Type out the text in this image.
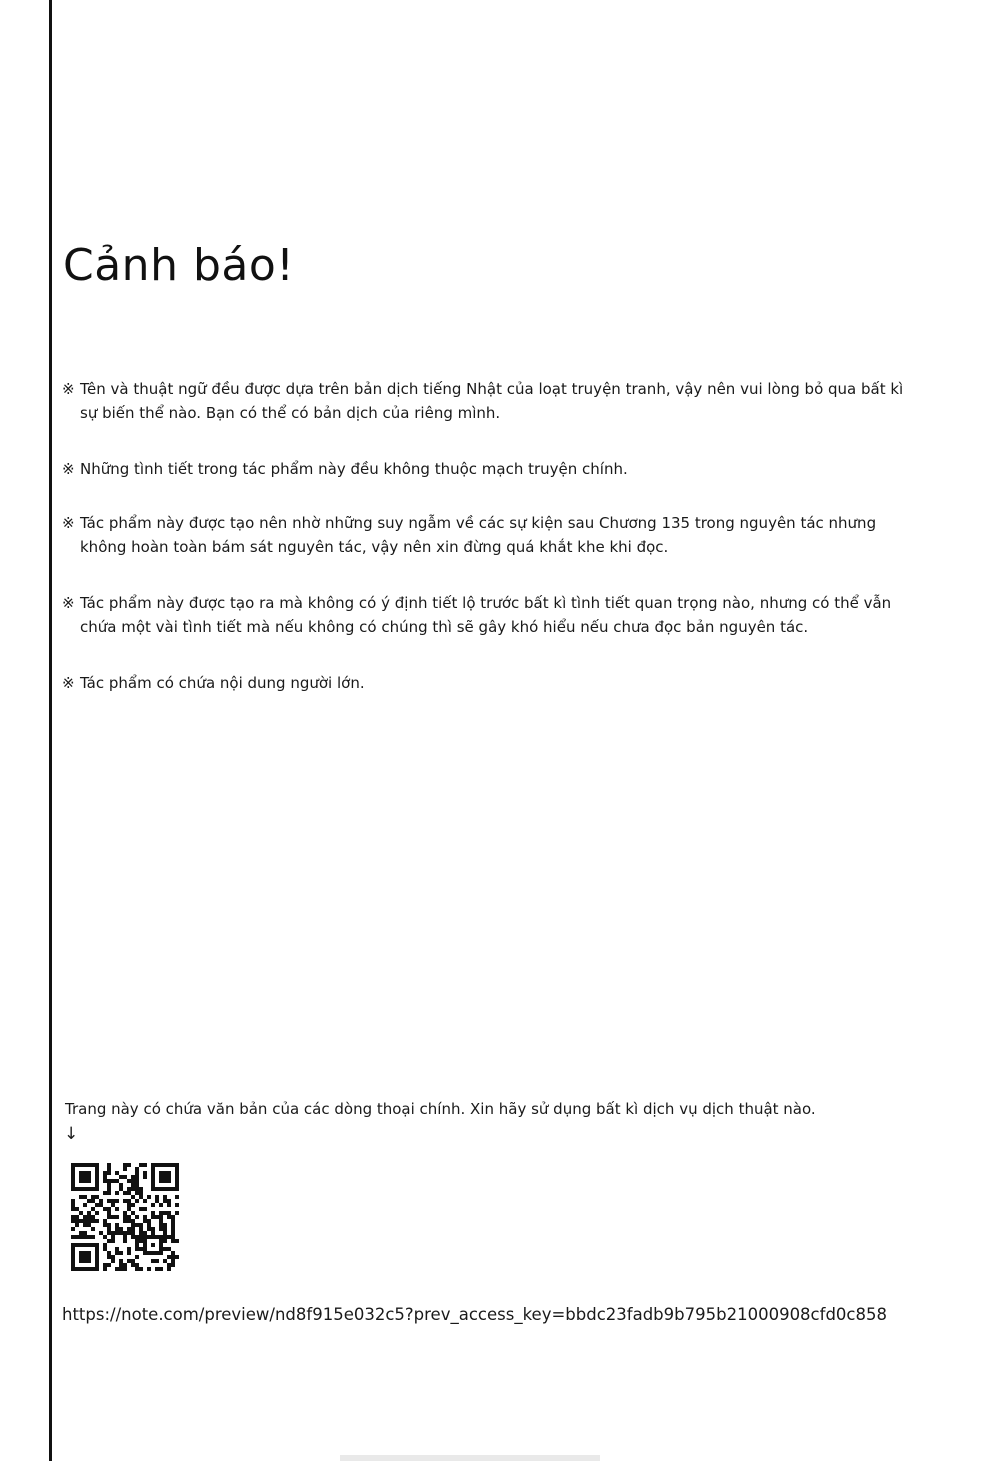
Cảnh báo!
※ Tên và thuật ngữ đều được dựa trên bản dịch tiếng Nhật của loạt truyện tranh, vậy nên vui lòng bỏ qua bất kì sự biến thể nào. Bạn có thể có bản dịch của riêng mình.
※ Những tình tiết trong tác phẩm này đều không thuộc mạch truyện chính.
※ Tác phẩm này được tạo nên nhờ những suy ngẫm về các sự kiện sau Chương 135 trong nguyên tác nhưng không hoàn toàn bám sát nguyên tác, vậy nên xin đừng quá khắt khe khi đọc.
※ Tác phẩm này được tạo ra mà không có ý định tiết lộ trước bất kì tình tiết quan trọng nào, nhưng có thể vẫn chứa một vài tình tiết mà nếu không có chúng thì sẽ gây khó hiểu nếu chưa đọc bản nguyên tác.
※ Tác phẩm có chứa nội dung người lớn.

Trang này có chứa văn bản của các dòng thoại chính. Xin hãy sử dụng bất kì dịch vụ dịch thuật nào.

↓

https://note.com/preview/nd8f915e032c5?prev_access_key=bbdc23fadb9b795b21000908cfd0c858
